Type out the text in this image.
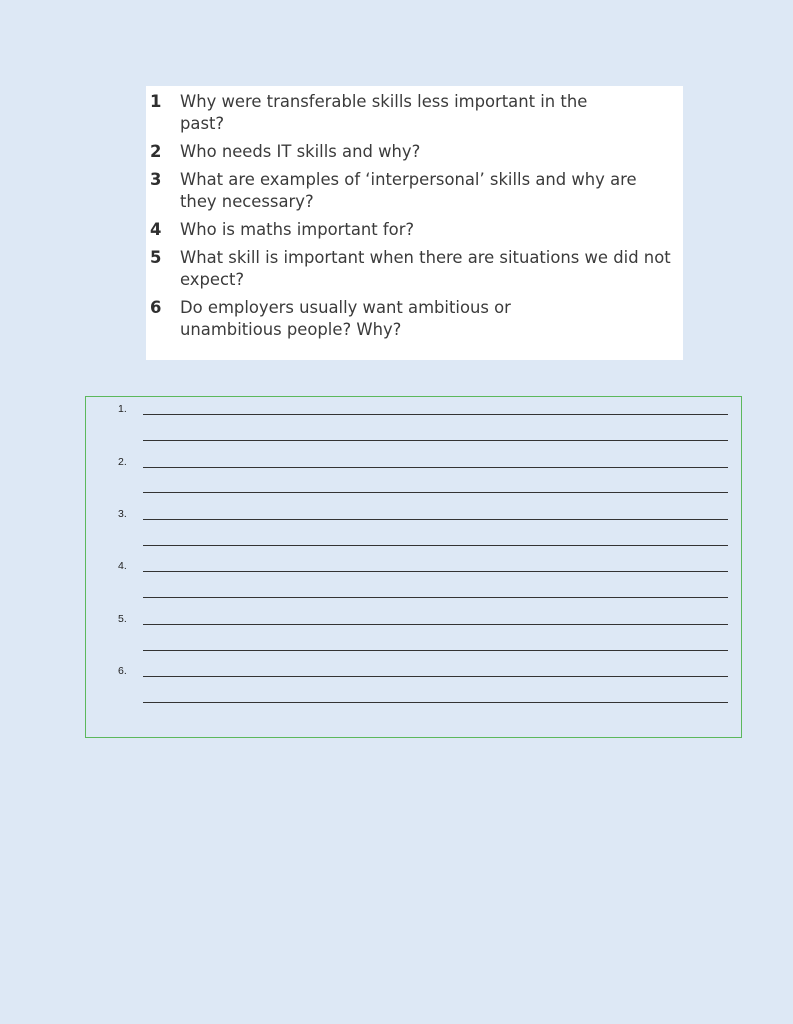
1	Why were transferable skills less important in the past?
2	Who needs IT skills and why?
3	What are examples of ‘interpersonal’ skills and why are they necessary?
4	Who is maths important for?
5	What skill is important when there are situations we did not expect?
6	Do employers usually want ambitious or unambitious people? Why?
1.
2.
3.
4.
5.
6.
